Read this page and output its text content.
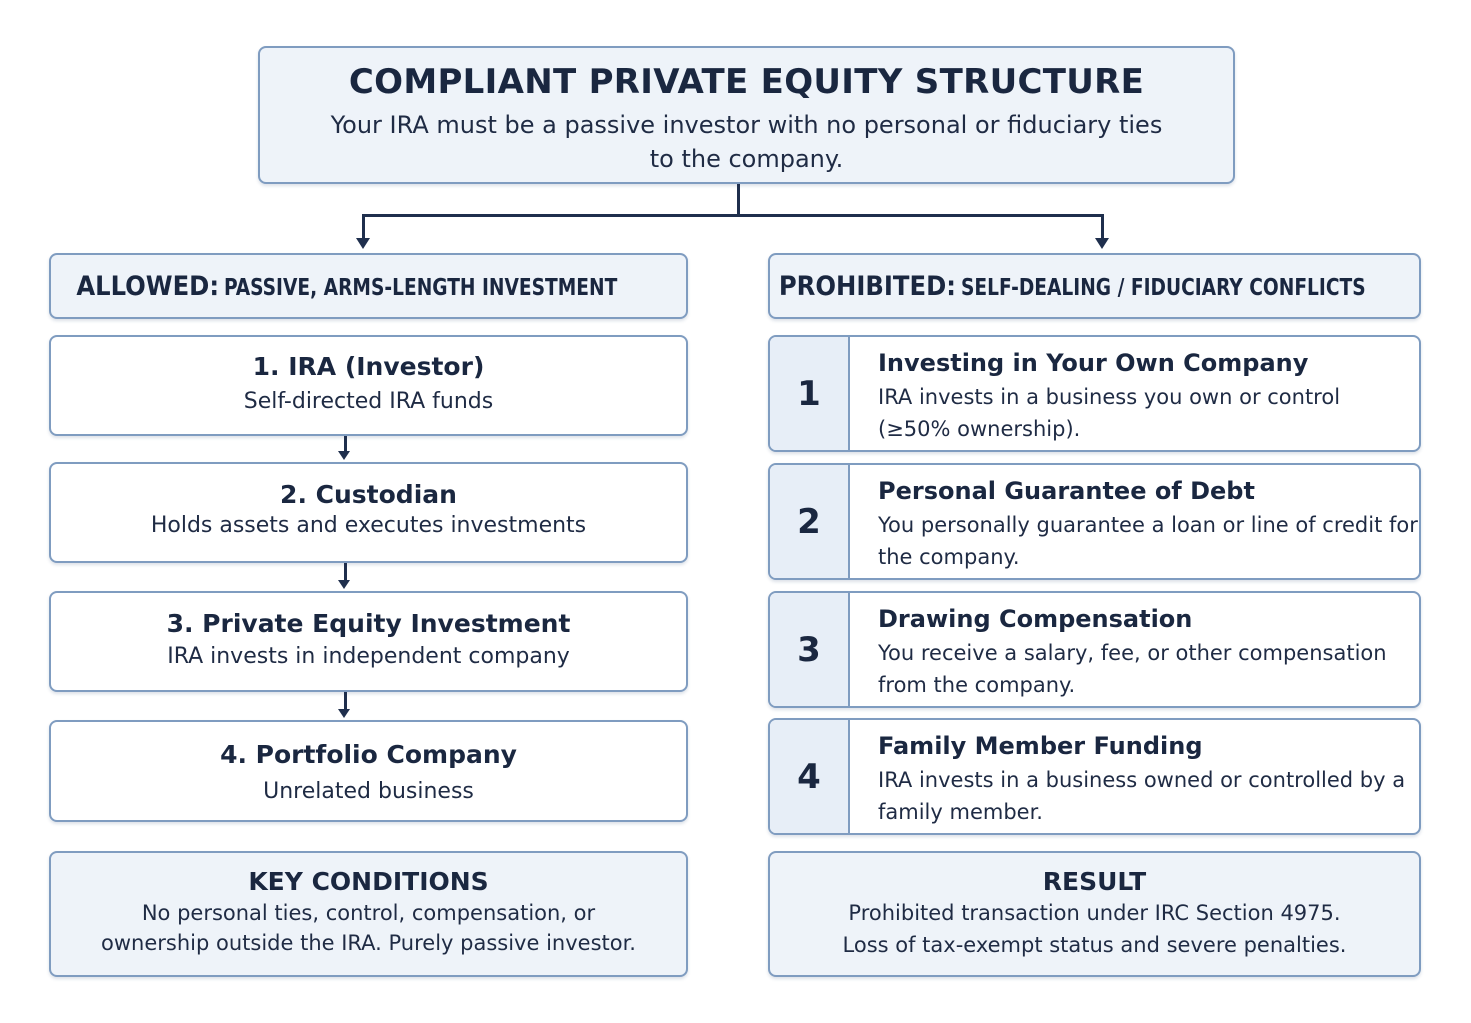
COMPLIANT PRIVATE EQUITY STRUCTURE
Your IRA must be a passive investor with no personal or fiduciary ties to the company.
ALLOWED: PASSIVE, ARMS-LENGTH INVESTMENT	PROHIBITED: SELF-DEALING / FIDUCIARY CONFLICTS
1. IRA (Investor)
Self-directed IRA funds
2. Custodian
Holds assets and executes investments
3. Private Equity Investment
IRA invests in independent company
4. Portfolio Company
Unrelated business
1
Investing in Your Own Company
IRA invests in a business you own or control (≥50% ownership).
2
Personal Guarantee of Debt
You personally guarantee a loan or line of credit for the company.
3
Drawing Compensation
You receive a salary, fee, or other compensation from the company.
4
Family Member Funding
IRA invests in a business owned or controlled by a family member.
KEY CONDITIONS
No personal ties, control, compensation, or ownership outside the IRA. Purely passive investor.
RESULT
Prohibited transaction under IRC Section 4975.
Loss of tax-exempt status and severe penalties.
